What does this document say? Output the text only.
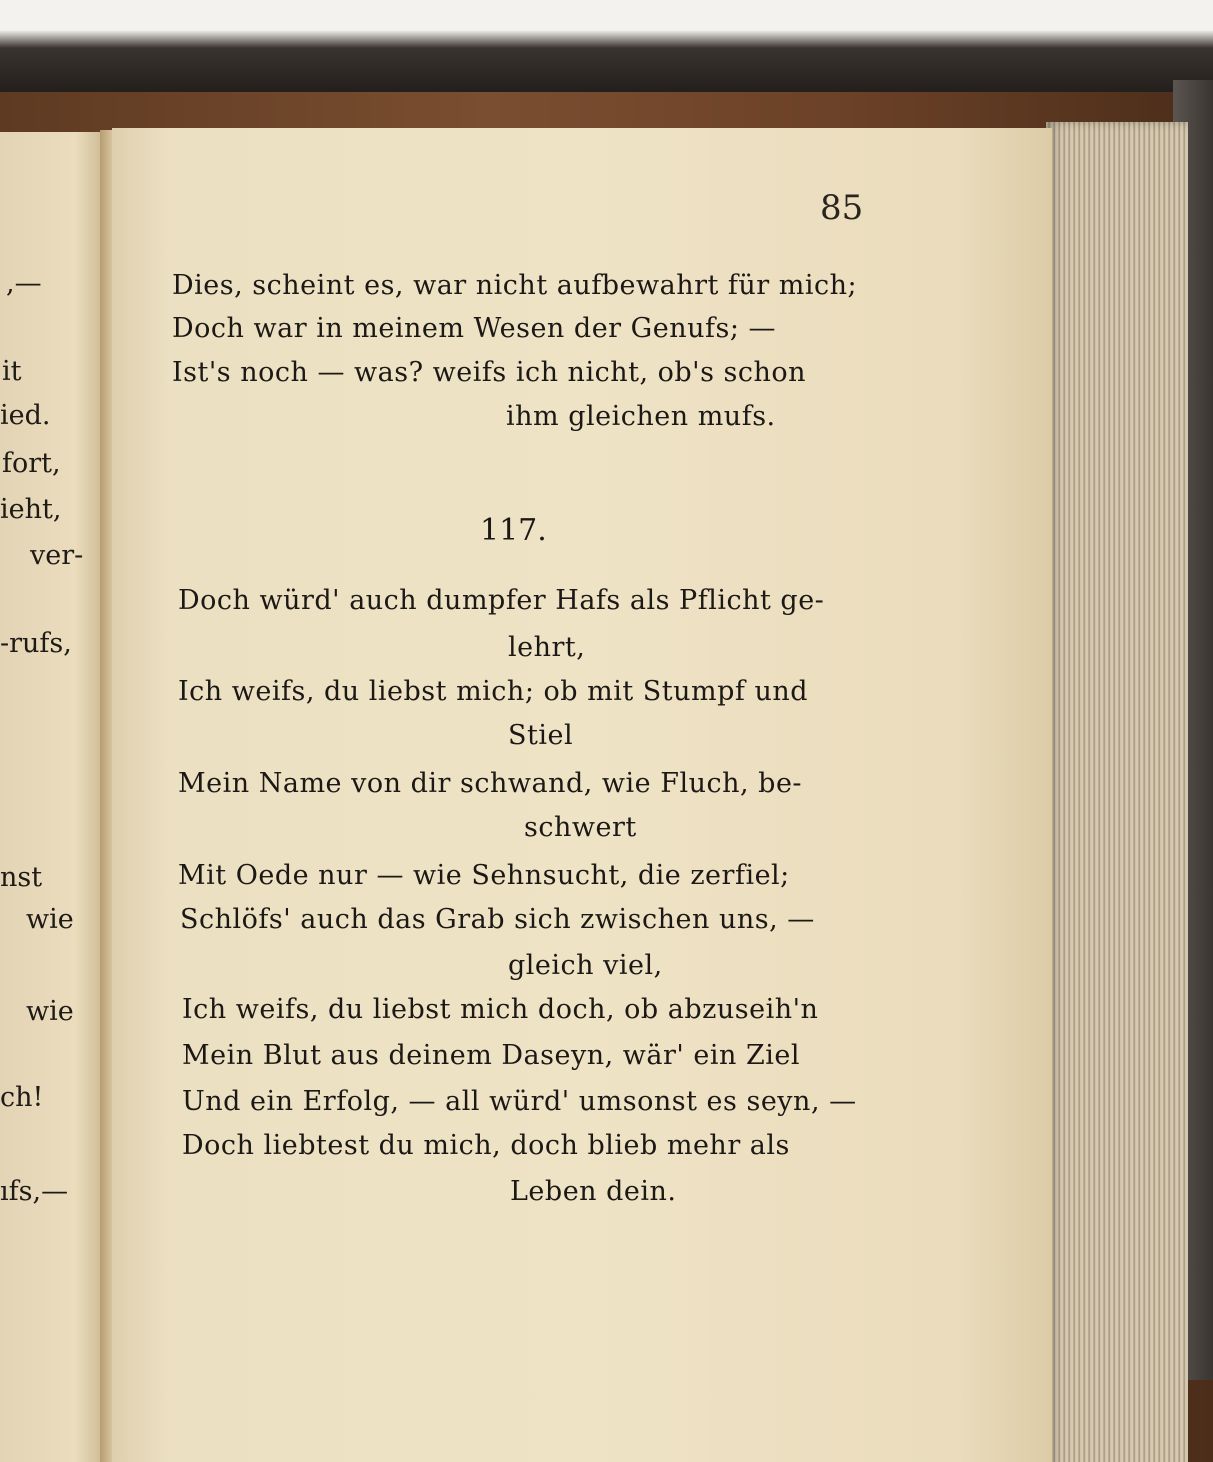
,—
it
ied.
fort,
ieht,
ver-
-rufs,
nst
wie
wie
ch!
ıfs,—
85
Dies, scheint es, war nicht aufbewahrt für mich;
Doch war in meinem Wesen der Genufs; —
Ist's noch — was? weifs ich nicht, ob's schon
ihm gleichen mufs.
117.
Doch würd' auch dumpfer Hafs als Pflicht ge-
lehrt,
Ich weifs, du liebst mich; ob mit Stumpf und
Stiel
Mein Name von dir schwand, wie Fluch, be-
schwert
Mit Oede nur — wie Sehnsucht, die zerfiel;
Schlöfs' auch das Grab sich zwischen uns, —
gleich viel,
Ich weifs, du liebst mich doch, ob abzuseih'n
Mein Blut aus deinem Daseyn, wär' ein Ziel
Und ein Erfolg, — all würd' umsonst es seyn, —
Doch liebtest du mich, doch blieb mehr als
Leben dein.
